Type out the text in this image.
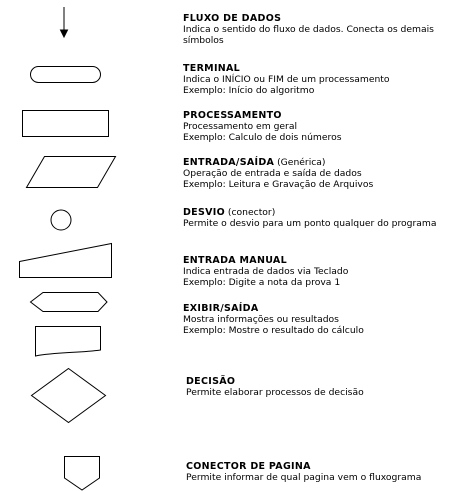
FLUXO DE DADOS
Indica o sentido do fluxo de dados. Conecta os demais símbolos
TERMINAL
Indica o INÍCIO ou FIM de um processamento
Exemplo: Início do algoritmo
PROCESSAMENTO
Processamento em geral
Exemplo: Calculo de dois números
ENTRADA/SAÍDA (Genérica)
Operação de entrada e saída de dados
Exemplo: Leitura e Gravação de Arquivos
DESVIO (conector)
Permite o desvio para um ponto qualquer do programa
ENTRADA MANUAL
Indica entrada de dados via Teclado
Exemplo: Digite a nota da prova 1
EXIBIR/SAÍDA
Mostra informações ou resultados
Exemplo: Mostre o resultado do cálculo
DECISÃO
Permite elaborar processos de decisão
CONECTOR DE PAGINA
Permite informar de qual pagina vem o fluxograma
